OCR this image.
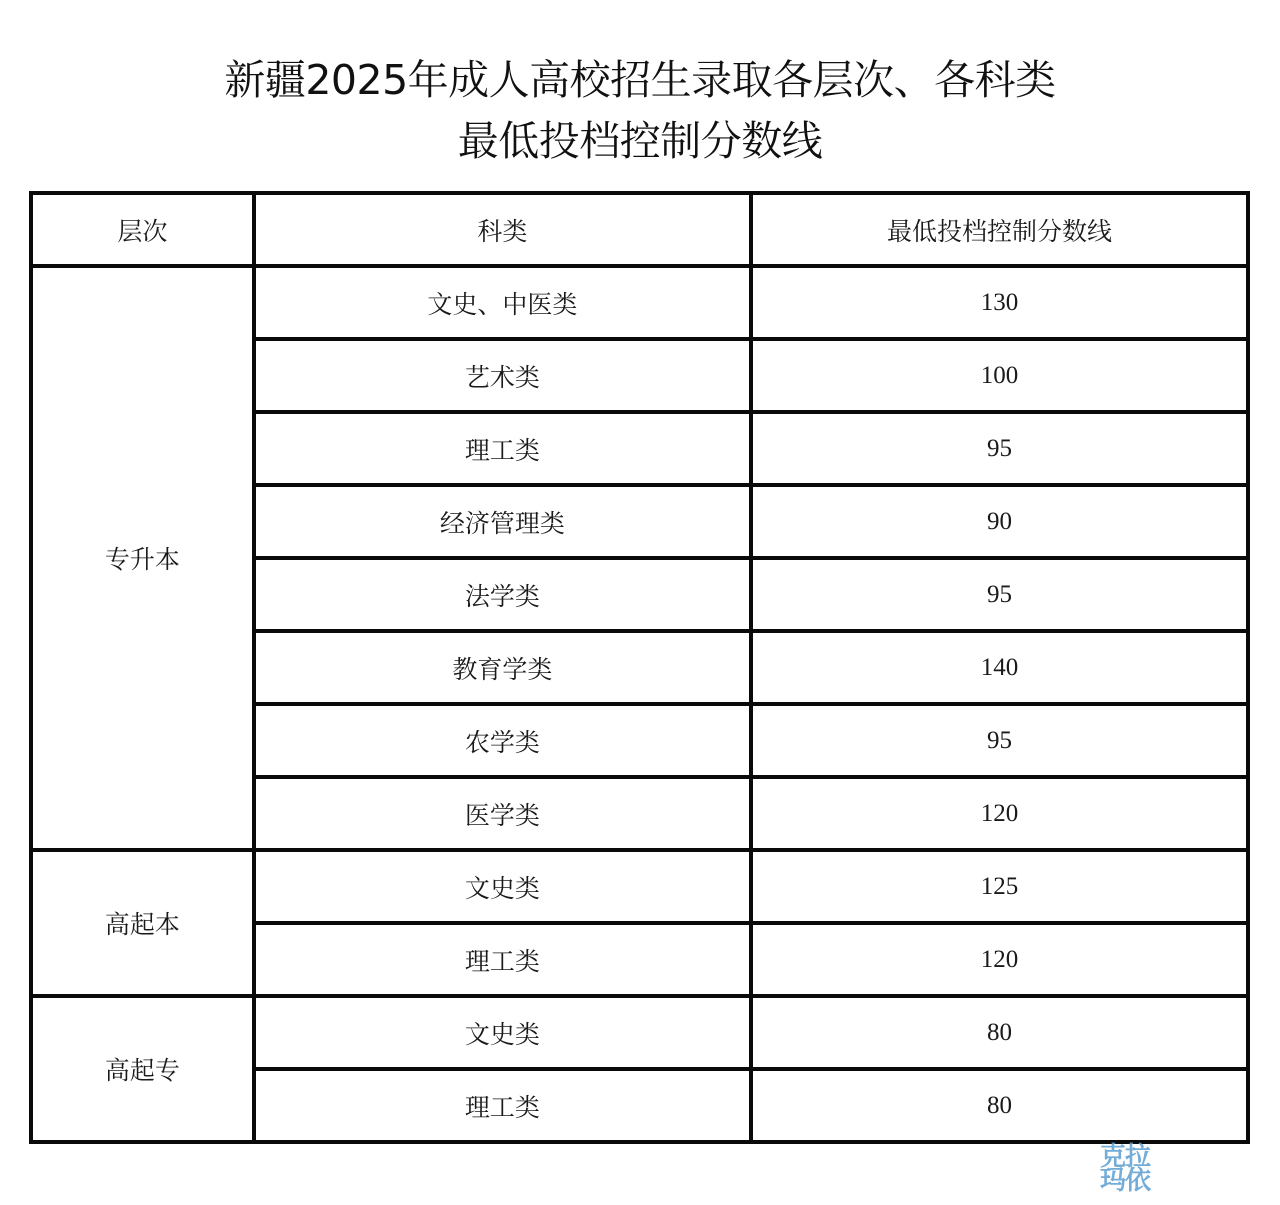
新疆2025年成人高校招生录取各层次、各科类
最低投档控制分数线
层次	科类	最低投档控制分数线
专升本	文史、中医类	130
	艺术类	100
	理工类	95
	经济管理类	90
	法学类	95
	教育学类	140
	农学类	95
	医学类	120
高起本	文史类	125
	理工类	120
高起专	文史类	80
	理工类	80
克拉
玛依
